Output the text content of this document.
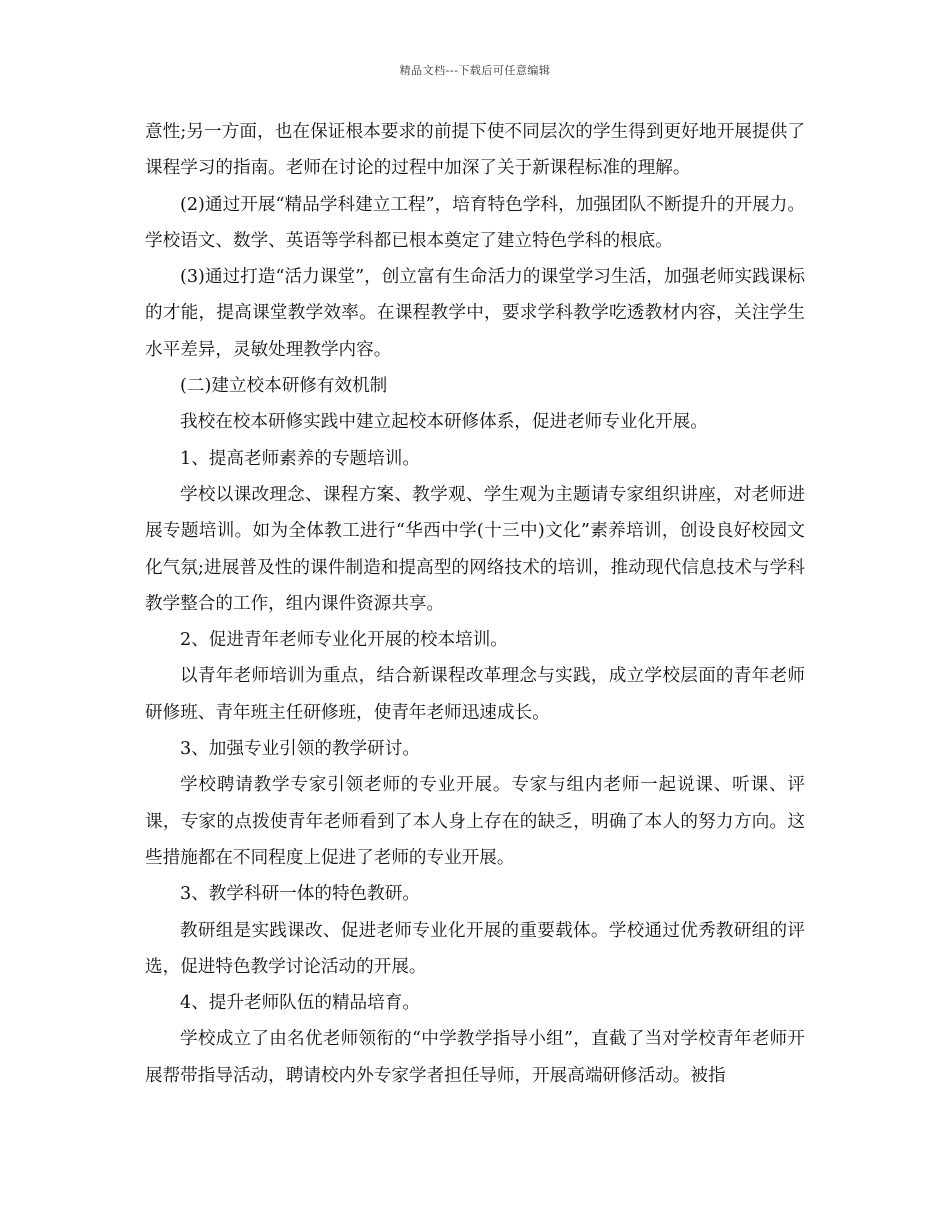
精品文档---下载后可任意编辑

意性;另一方面，也在保证根本要求的前提下使不同层次的学生得到更好地开展提供了课程学习的指南。老师在讨论的过程中加深了关于新课程标准的理解。

(2)通过开展“精品学科建立工程”，培育特色学科，加强团队不断提升的开展力。学校语文、数学、英语等学科都已根本奠定了建立特色学科的根底。

(3)通过打造“活力课堂”，创立富有生命活力的课堂学习生活，加强老师实践课标的才能，提高课堂教学效率。在课程教学中，要求学科教学吃透教材内容，关注学生水平差异，灵敏处理教学内容。

(二)建立校本研修有效机制

我校在校本研修实践中建立起校本研修体系，促进老师专业化开展。

1、提高老师素养的专题培训。

学校以课改理念、课程方案、教学观、学生观为主题请专家组织讲座，对老师进展专题培训。如为全体教工进行“华西中学(十三中)文化”素养培训，创设良好校园文化气氛;进展普及性的课件制造和提高型的网络技术的培训，推动现代信息技术与学科教学整合的工作，组内课件资源共享。

2、促进青年老师专业化开展的校本培训。

以青年老师培训为重点，结合新课程改革理念与实践，成立学校层面的青年老师研修班、青年班主任研修班，使青年老师迅速成长。

3、加强专业引领的教学研讨。

学校聘请教学专家引领老师的专业开展。专家与组内老师一起说课、听课、评课，专家的点拨使青年老师看到了本人身上存在的缺乏，明确了本人的努力方向。这些措施都在不同程度上促进了老师的专业开展。

3、教学科研一体的特色教研。

教研组是实践课改、促进老师专业化开展的重要载体。学校通过优秀教研组的评选，促进特色教学讨论活动的开展。

4、提升老师队伍的精品培育。

学校成立了由名优老师领衔的“中学教学指导小组”，直截了当对学校青年老师开展帮带指导活动，聘请校内外专家学者担任导师，开展高端研修活动。被指
